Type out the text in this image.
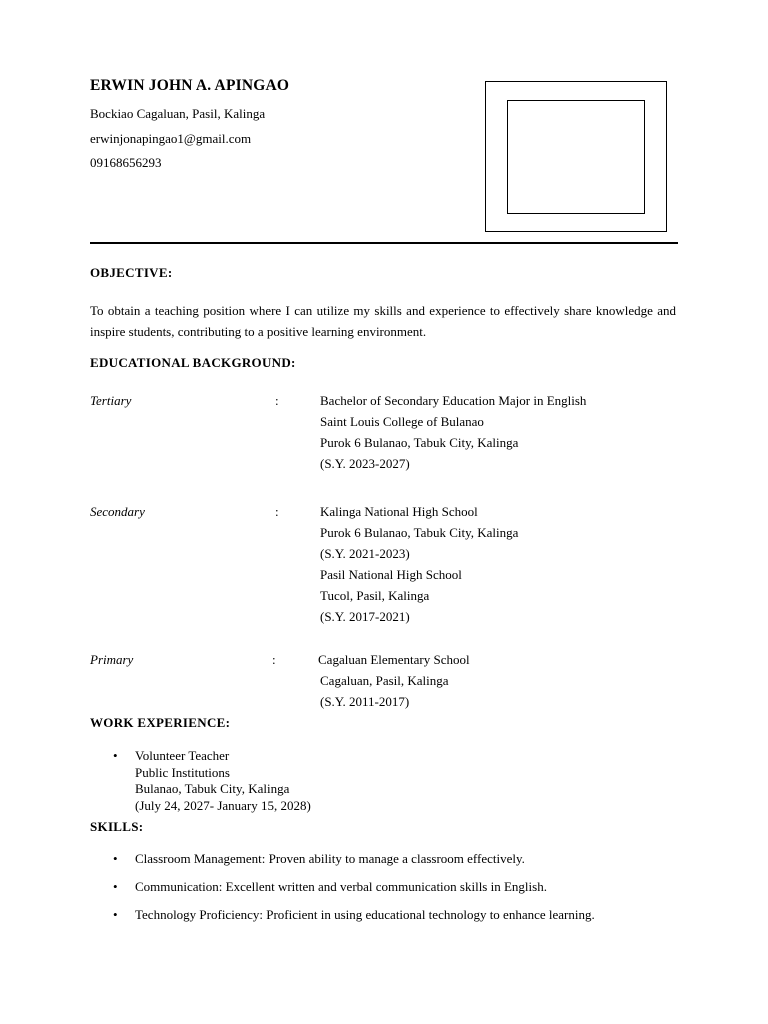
ERWIN JOHN A. APINGAO
Bockiao Cagaluan, Pasil, Kalinga
erwinjonapingao1@gmail.com
09168656293
OBJECTIVE:
To obtain a teaching position where I can utilize my skills and experience to effectively share knowledge and inspire students, contributing to a positive learning environment.
EDUCATIONAL BACKGROUND:
Tertiary	:	Bachelor of Secondary Education Major in English
Saint Louis College of Bulanao
Purok 6 Bulanao, Tabuk City, Kalinga
(S.Y. 2023-2027)
Secondary	:	Kalinga National High School
Purok 6 Bulanao, Tabuk City, Kalinga
(S.Y. 2021-2023)
Pasil National High School
Tucol, Pasil, Kalinga
(S.Y. 2017-2021)
Primary	:	Cagaluan Elementary School
Cagaluan, Pasil, Kalinga
(S.Y. 2011-2017)
WORK EXPERIENCE:
• Volunteer Teacher
Public Institutions
Bulanao, Tabuk City, Kalinga
(July 24, 2027- January 15, 2028)
SKILLS:
• Classroom Management: Proven ability to manage a classroom effectively.
• Communication: Excellent written and verbal communication skills in English.
• Technology Proficiency: Proficient in using educational technology to enhance learning.
